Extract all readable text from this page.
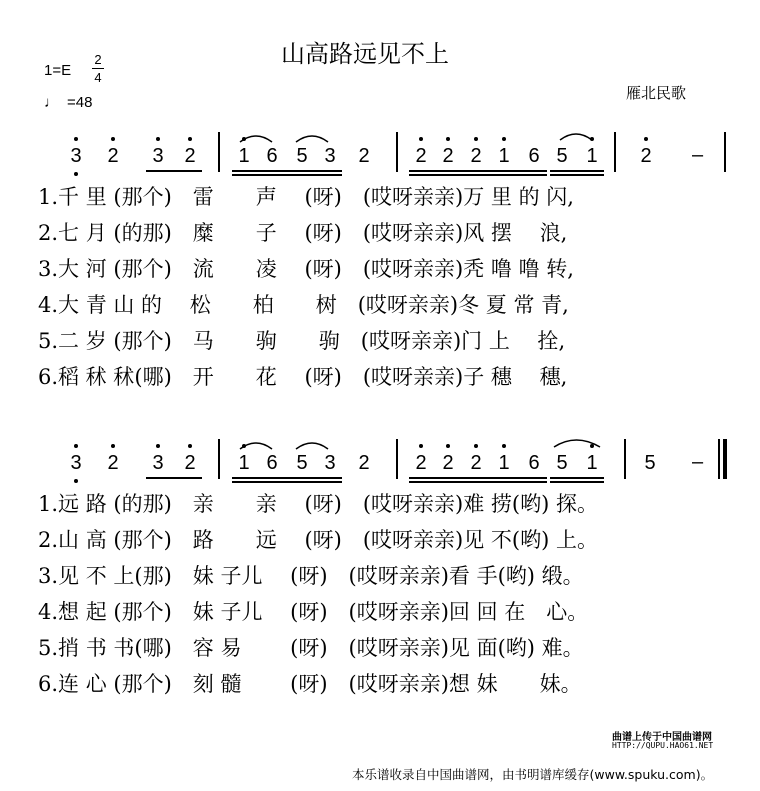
山高路远见不上
1=E
2
4
♩ =48
雁北民歌
3 2 3 2 1 6 5 3 2 2 2 2 1 6 5 1 2 –
1.千 里 (那个)　雷　　声　 (呀)　(哎呀亲亲)万 里 的 闪,
2.七 月 (的那)　糜　　子　 (呀)　(哎呀亲亲)风 摆　 浪,
3.大 河 (那个)　流　　凌　 (呀)　(哎呀亲亲)秃 噜 噜 转,
4.大 青 山 的　 松　　柏　　树　(哎呀亲亲)冬 夏 常 青,
5.二 岁 (那个)　马　　驹　　驹　(哎呀亲亲)门 上　 拴,
6.稻 秫 秫(哪)　开　　花　 (呀)　(哎呀亲亲)子 穗　 穗,
3 2 3 2 1 6 5 3 2 2 2 2 1 6 5 1 5 –
1.远 路 (的那)　亲　　亲　 (呀)　(哎呀亲亲)难 捞(哟) 探。
2.山 高 (那个)　路　　远　 (呀)　(哎呀亲亲)见 不(哟) 上。
3.见 不 上(那)　妹 子儿　 (呀)　(哎呀亲亲)看 手(哟) 缎。
4.想 起 (那个)　妹 子儿　 (呀)　(哎呀亲亲)回 回 在　心。
5.捎 书 书(哪)　容 易　　 (呀)　(哎呀亲亲)见 面(哟) 难。
6.连 心 (那个)　刻 髓　　 (呀)　(哎呀亲亲)想 妹　　妹。
曲谱上传于中国曲谱网
HTTP://QUPU.HAO61.NET
本乐谱收录自中国曲谱网，由书明谱库缓存(www.spuku.com)。
